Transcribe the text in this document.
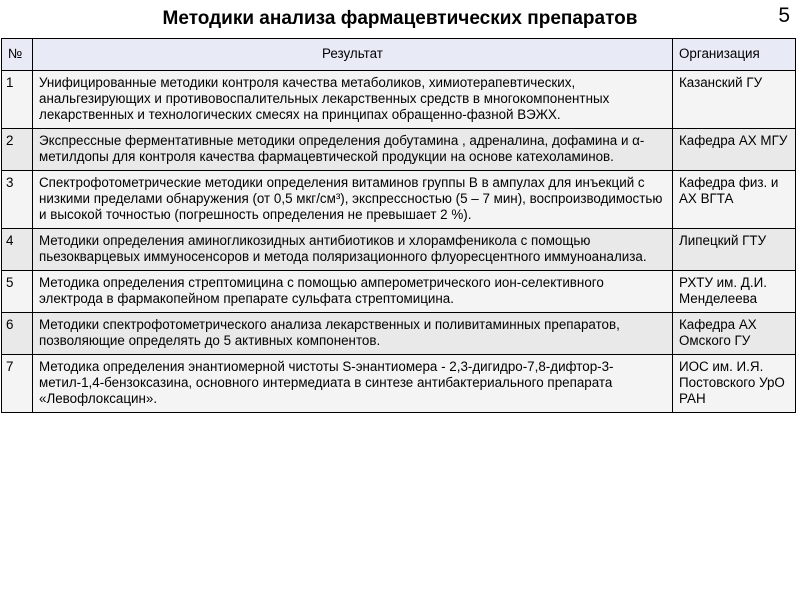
Методики анализа фармацевтических препаратов	5
№	Результат	Организация
1	Унифицированные методики контроля качества метаболиков, химиотерапевтических, анальгезирующих и противовоспалительных лекарственных средств в многокомпонентных лекарственных и технологических смесях на принципах обращенно-фазной ВЭЖХ.	Казанский ГУ
2	Экспрессные ферментативные методики определения добутамина , адреналина, дофамина и α-метилдопы для контроля качества фармацевтической продукции на основе катехоламинов.	Кафедра АХ МГУ
3	Спектрофотометрические методики определения витаминов группы В в ампулах для инъекций с низкими пределами обнаружения (от 0,5 мкг/см³), экспрессностью (5 – 7 мин), воспроизводимостью и высокой точностью (погрешность определения не превышает 2 %).	Кафедра физ. и АХ ВГТА
4	Методики определения аминогликозидных антибиотиков и хлорамфеникола с помощью пьезокварцевых иммуносенсоров и метода поляризационного флуоресцентного иммуноанализа.	Липецкий ГТУ
5	Методика определения стрептомицина с помощью амперометрического ион-селективного электрода в фармакопейном препарате сульфата стрептомицина.	РХТУ им. Д.И. Менделеева
6	Методики спектрофотометрического анализа лекарственных и поливитаминных препаратов, позволяющие определять до 5 активных компонентов.	Кафедра АХ Омского ГУ
7	Методика определения энантиомерной чистоты S-энантиомера - 2,3-дигидро-7,8-дифтор-3-метил-1,4-бензоксазина, основного интермедиата в синтезе антибактериального препарата «Левофлоксацин».	ИОС им. И.Я. Постовского УрО РАН
